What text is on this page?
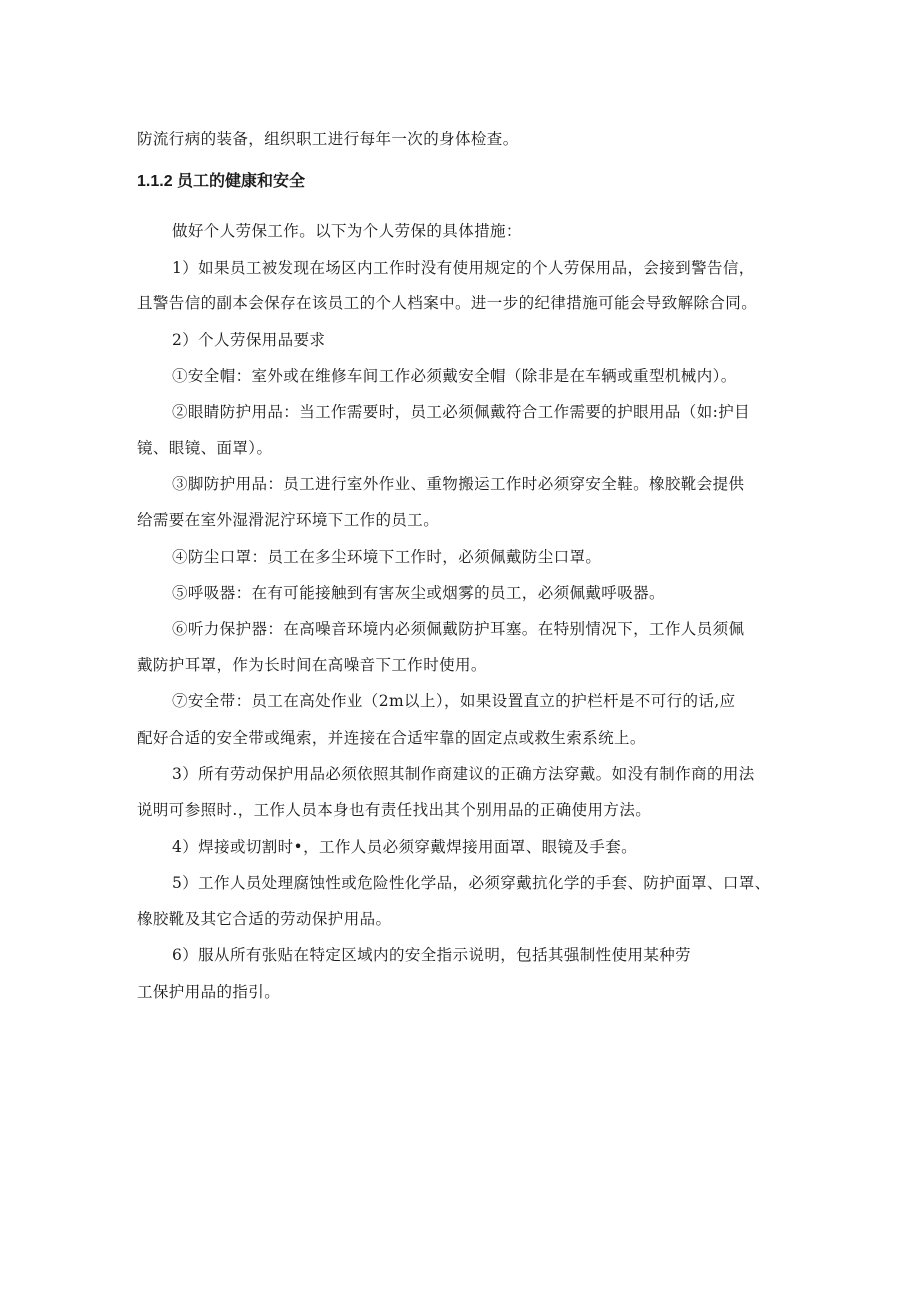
防流行病的装备，组织职工进行每年一次的身体检查。
1.1.2 员工的健康和安全
做好个人劳保工作。以下为个人劳保的具体措施：
1）如果员工被发现在场区内工作时没有使用规定的个人劳保用品，会接到警告信，
且警告信的副本会保存在该员工的个人档案中。进一步的纪律措施可能会导致解除合同。
2）个人劳保用品要求
①安全帽：室外或在维修车间工作必须戴安全帽（除非是在车辆或重型机械内）。
②眼睛防护用品：当工作需要时，员工必须佩戴符合工作需要的护眼用品（如:护目
镜、眼镜、面罩）。
③脚防护用品：员工进行室外作业、重物搬运工作时必须穿安全鞋。橡胶靴会提供
给需要在室外湿滑泥泞环境下工作的员工。
④防尘口罩：员工在多尘环境下工作时，必须佩戴防尘口罩。
⑤呼吸器：在有可能接触到有害灰尘或烟雾的员工，必须佩戴呼吸器。
⑥听力保护器：在高噪音环境内必须佩戴防护耳塞。在特别情况下，工作人员须佩
戴防护耳罩，作为长时间在高噪音下工作时使用。
⑦安全带：员工在高处作业（2m以上），如果设置直立的护栏杆是不可行的话,应
配好合适的安全带或绳索，并连接在合适牢靠的固定点或救生索系统上。
3）所有劳动保护用品必须依照其制作商建议的正确方法穿戴。如没有制作商的用法
说明可参照时.，工作人员本身也有责任找出其个别用品的正确使用方法。
4）焊接或切割时•，工作人员必须穿戴焊接用面罩、眼镜及手套。
5）工作人员处理腐蚀性或危险性化学品，必须穿戴抗化学的手套、防护面罩、口罩、
橡胶靴及其它合适的劳动保护用品。
6）服从所有张贴在特定区域内的安全指示说明，包括其强制性使用某种劳
工保护用品的指引。
